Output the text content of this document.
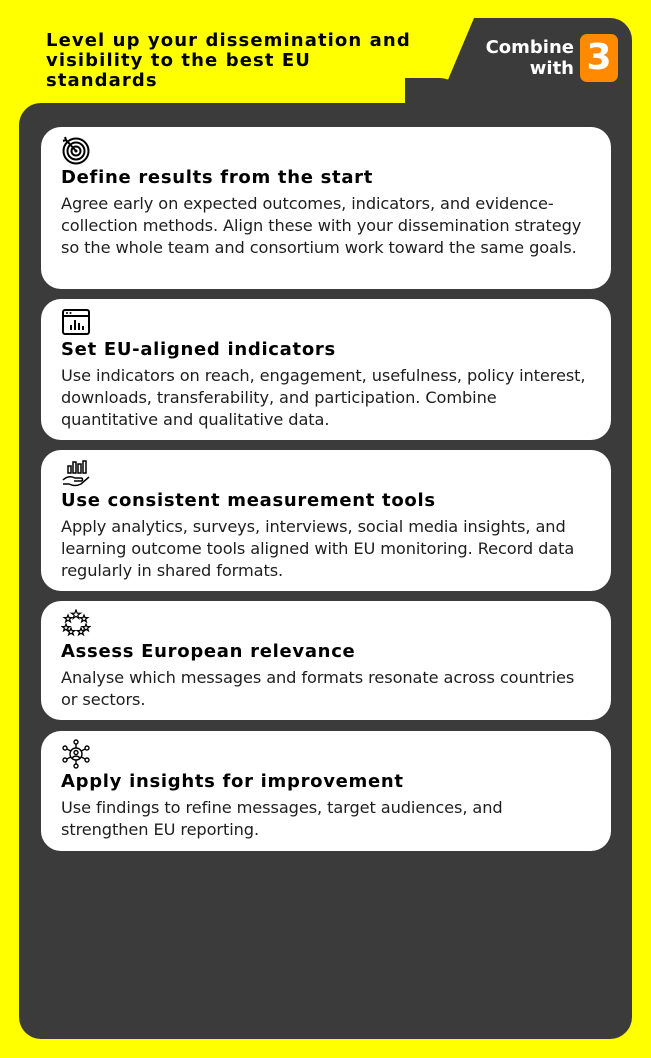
Level up your dissemination and
visibility to the best EU standards
Combine
with 3
Define results from the start

Agree early on expected outcomes, indicators, and evidence-collection methods. Align these with your dissemination strategy so the whole team and consortium work toward the same goals.

Set EU-aligned indicators

Use indicators on reach, engagement, usefulness, policy interest, downloads, transferability, and participation. Combine quantitative and qualitative data.

Use consistent measurement tools

Apply analytics, surveys, interviews, social media insights, and learning outcome tools aligned with EU monitoring. Record data regularly in shared formats.

Assess European relevance

Analyse which messages and formats resonate across countries or sectors.

Apply insights for improvement

Use findings to refine messages, target audiences, and strengthen EU reporting.
